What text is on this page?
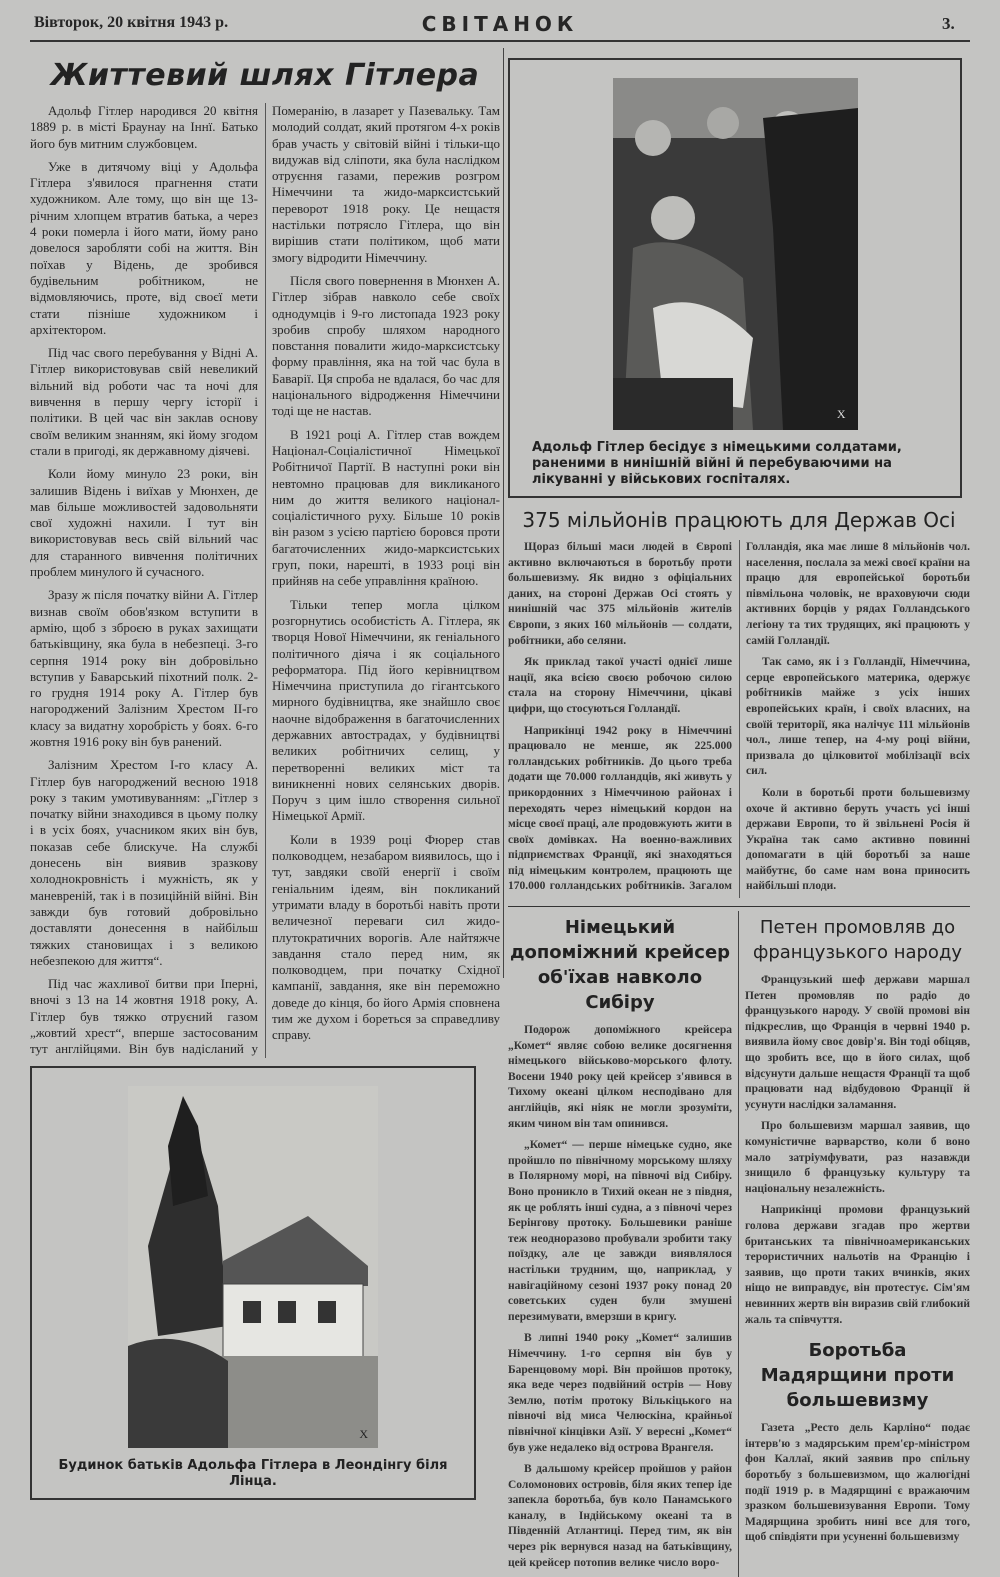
Вівторок, 20 квітня 1943 р.	СВІТАНОК	3.
Життевий шлях Гітлера

Адольф Гітлер народився 20 квітня 1889 р. в місті Браунау на Іннї. Батько його був митним службовцем.

Уже в дитячому віці у Адольфа Гітлера з'явилося прагнення стати художником. Але тому, що він ще 13-річним хлопцем втратив батька, а через 4 роки померла і його мати, йому рано довелося заробляти собі на життя. Він поїхав у Відень, де зробився будівельним робітником, не відмовляючись, проте, від своєї мети стати пізніше художником і архітектором.

Під час свого перебування у Відні А. Гітлер використовував свій невеликий вільний від роботи час та ночі для вивчення в першу чергу історії і політики. В цей час він заклав основу своїм великим знанням, які йому згодом стали в пригоді, як державному діячеві.

Коли йому минуло 23 роки, він залишив Відень і виїхав у Мюнхен, де мав більше можливостей задовольняти свої художні нахили. І тут він використовував весь свій вільний час для старанного вивчення політичних проблем минулого й сучасного.

Зразу ж після початку війни А. Гітлер визнав своїм обов'язком вступити в армію, щоб з зброєю в руках захищати батьківщину, яка була в небезпеці. 3-го серпня 1914 року він добровільно вступив у Баварський піхотний полк. 2-го грудня 1914 року А. Гітлер був нагороджений Залізним Хрестом II-го класу за видатну хоробрість у боях. 6-го жовтня 1916 року він був ранений.

Залізним Хрестом I-го класу А. Гітлер був нагороджений весною 1918 року з таким умотивуванням: „Гітлер з початку війни знаходився в цьому полку і в усіх боях, учасником яких він був, показав себе блискуче. На службі донесень він виявив зразкову холоднокровність і мужність, як у маневреній, так і в позиційній війні. Він завжди був готовий добровільно доставляти донесення в найбільш тяжких становищах і з великою небезпекою для життя“.

Під час жахливої битви при Іперні, вночі з 13 на 14 жовтня 1918 року, А. Гітлер був тяжко отруєний газом „жовтий хрест“, вперше застосованим тут англійцями. Він був надісланий у Померанію, в лазарет у Пазевальку. Там молодий солдат, який протягом 4-х років брав участь у світовій війні і тільки-що видужав від сліпоти, яка була наслідком отруєння газами, пережив розгром Німеччини та жидо-марксистський переворот 1918 року. Це нещастя настільки потрясло Гітлера, що він вирішив стати політиком, щоб мати змогу відродити Німеччину.

Після свого повернення в Мюнхен А. Гітлер зібрав навколо себе своїх однодумців і 9-го листопада 1923 року зробив спробу шляхом народного повстання повалити жидо-марксистську форму правління, яка на той час була в Баварії. Ця спроба не вдалася, бо час для національного відродження Німеччини тоді ще не настав.

В 1921 році А. Гітлер став вождем Націонал-Соціалістичної Німецької Робітничої Партії. В наступні роки він невтомно працював для викликаного ним до життя великого націонал-соціалістичного руху. Більше 10 років він разом з усією партією боровся проти багаточисленних жидо-марксистських груп, поки, нарешті, в 1933 році він прийняв на себе управління країною.

Тільки тепер могла цілком розгорнутись особистість А. Гітлера, як творця Нової Німеччини, як геніального політичного діяча і як соціального реформатора. Під його керівництвом Німеччина приступила до гігантського мирного будівництва, яке знайшло своє наочне відображення в багаточисленних державних автострадах, у будівництві великих робітничих селищ, у перетворенні великих міст та виникненні нових селянських дворів. Поруч з цим ішло створення сильної Німецької Армії.

Коли в 1939 році Фюрер став полководцем, незабаром виявилось, що і тут, завдяки своїй енергії і своїм геніальним ідеям, він покликаний утримати владу в боротьбі навіть проти величезної переваги сил жидо-плутократичних ворогів. Але найтяжче завдання стало перед ним, як полководцем, при початку Східної кампанії, завдання, яке він переможно доведе до кінця, бо його Армія сповнена тим же духом і бореться за справедливу справу.

X
Будинок батьків Адольфа Гітлера в Леондінгу біля Лінца.
X
Адольф Гітлер бесідує з німецькими солдатами, раненими в нинішній війні й перебуваючими на лікуванні у військових госпіталях.
375 мільйонів працюють для Держав Осі

Щораз більші маси людей в Європі активно включаються в боротьбу проти большевизму. Як видно з офіціальних даних, на стороні Держав Осі стоять у нинішній час 375 мільйонів жителів Європи, з яких 160 мільйонів — солдати, робітники, або селяни.

Як приклад такої участі однієї лише нації, яка всією своєю робочою силою стала на сторону Німеччини, цікаві цифри, що стосуються Голландії.

Наприкінці 1942 року в Німеччині працювало не менше, як 225.000 голландських робітників. До цього треба додати ще 70.000 голландців, які живуть у прикордонних з Німеччиною районах і переходять через німецький кордон на місце своєї праці, але продовжують жити в своїх домівках. На военно-важливих підприємствах Франції, які знаходяться під німецьким контролем, працюють ще 170.000 голландських робітників. Загалом Голландія, яка має лише 8 мільйонів чол. населення, послала за межі своєї країни на працю для европейської боротьби півмільона чоловік, не враховуючи сюди активних борців у рядах Голландського легіону та тих трудящих, які працюють у самій Голландії.

Так само, як і з Голландії, Німеччина, серце европейського материка, одержує робітників майже з усіх інших европейських країн, і своїх власних, на своїй території, яка налічує 111 мільйонів чол., лише тепер, на 4-му році війни, призвала до цілковитої мобілізації всіх сил.

Коли в боротьбі проти большевизму охоче й активно беруть участь усі інші держави Европи, то й звільнені Росія й Україна так само активно повинні допомагати в цій боротьбі за наше майбутнє, бо саме нам вона приносить найбільші плоди.

Німецький допоміжний крейсер об'їхав навколо Сибіру

Подорож допоміжного крейсера „Комет“ являє собою велике досягнення німецького військово-морського флоту. Восени 1940 року цей крейсер з'явився в Тихому океані цілком несподівано для англійців, які ніяк не могли зрозуміти, яким чином він там опинився.

„Комет“ — перше німецьке судно, яке пройшло по північному морському шляху в Полярному морі, на півночі від Сибіру. Воно проникло в Тихий океан не з півдня, як це роблять інші судна, а з півночі через Берінгову протоку. Большевики раніше теж неодноразово пробували зробити таку поїздку, але це завжди виявлялося настільки трудним, що, наприклад, у навігаційному сезоні 1937 року понад 20 советських суден були змушені перезимувати, вмерзши в кригу.

В липні 1940 року „Комет“ залишив Німеччину. 1-го серпня він був у Баренцовому морі. Він пройшов протоку, яка веде через подвійний острів — Нову Землю, потім протоку Вількіцького на півночі від миса Челюскіна, крайньої північної кінцівки Азії. У вересні „Комет“ був уже недалеко від острова Врангеля.

В дальшому крейсер пройшов у район Соломонових островів, біля яких тепер іде запекла боротьба, був коло Панамського каналу, в Індійському океані та в Південній Атлантиці. Перед тим, як він через рік вернувся назад на батьківщину, цей крейсер потопив велике число воро-

Петен промовляв до французького народу

Французький шеф держави маршал Петен промовляв по радіо до французького народу. У своїй промові він підкреслив, що Франція в червні 1940 р. виявила йому своє довір'я. Він тоді обіцяв, що зробить все, що в його силах, щоб відсунути дальше нещастя Франції та щоб працювати над відбудовою Франції й усунути наслідки заламання.

Про большевизм маршал заявив, що комуністичне варварство, коли б воно мало затріумфувати, раз назавжди знищило б французьку культуру та національну незалежність.

Наприкінці промови французький голова держави згадав про жертви британських та північноамериканських терористичних нальотів на Францію і заявив, що проти таких вчинків, яких ніщо не виправдує, він протестує. Сім'ям невинних жертв він виразив свій глибокий жаль та співчуття.

Боротьба Мадярщини проти большевизму

Газета „Ресто дель Карліно“ подає інтерв'ю з мадярським прем'єр-міністром фон Каллаї, який заявив про спільну боротьбу з большевизмом, що жалюгідні події 1919 р. в Мадярщині є вражаючим зразком большевизування Европи. Тому Мадярщина зробить нині все для того, щоб співдіяти при усуненні большевизму
